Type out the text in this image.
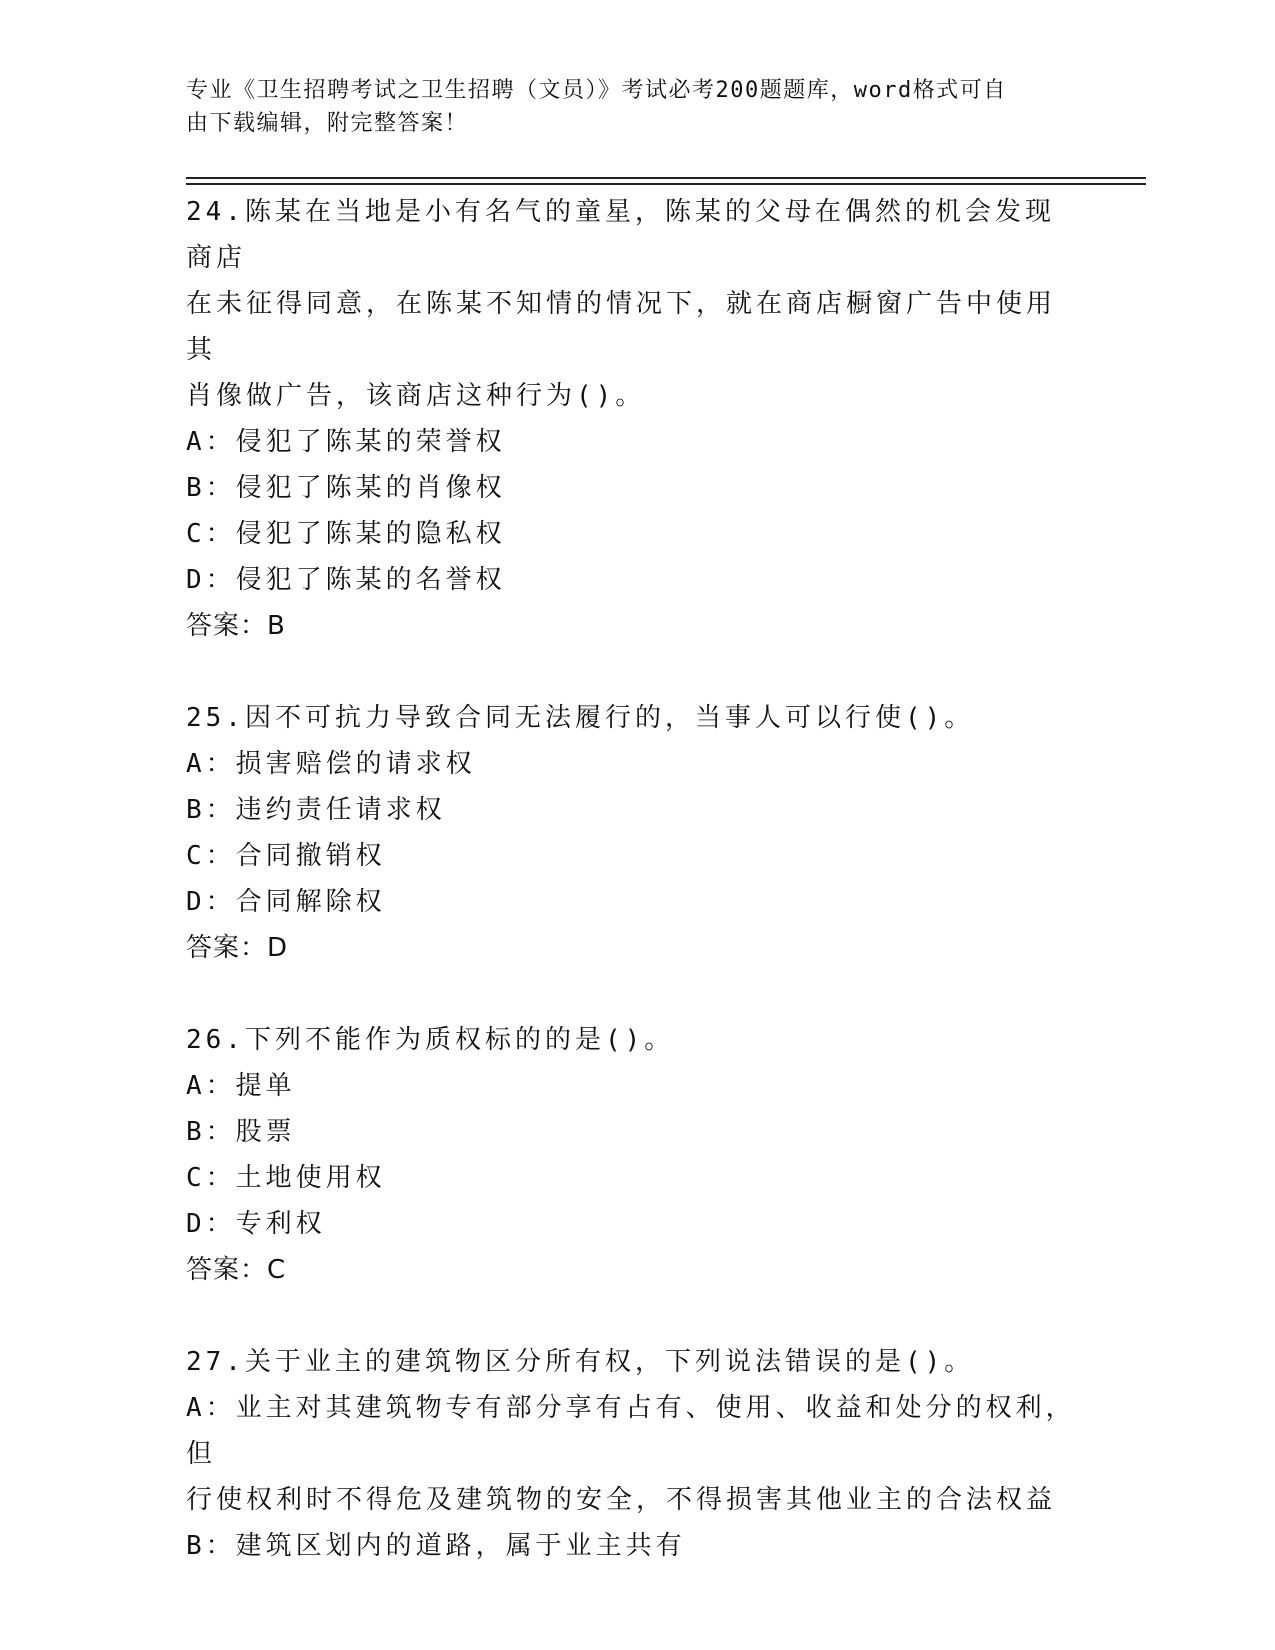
专业《卫生招聘考试之卫生招聘（文员）》考试必考200题题库，word格式可自
由下载编辑，附完整答案！

24.陈某在当地是小有名气的童星，陈某的父母在偶然的机会发现商店

在未征得同意，在陈某不知情的情况下，就在商店橱窗广告中使用其

肖像做广告，该商店这种行为()。

A：侵犯了陈某的荣誉权

B：侵犯了陈某的肖像权

C：侵犯了陈某的隐私权

D：侵犯了陈某的名誉权

答案：B

25.因不可抗力导致合同无法履行的，当事人可以行使()。

A：损害赔偿的请求权

B：违约责任请求权

C：合同撤销权

D：合同解除权

答案：D

26.下列不能作为质权标的的是()。

A：提单

B：股票

C：土地使用权

D：专利权

答案：C

27.关于业主的建筑物区分所有权，下列说法错误的是()。

A：业主对其建筑物专有部分享有占有、使用、收益和处分的权利，但

行使权利时不得危及建筑物的安全，不得损害其他业主的合法权益

B：建筑区划内的道路，属于业主共有
